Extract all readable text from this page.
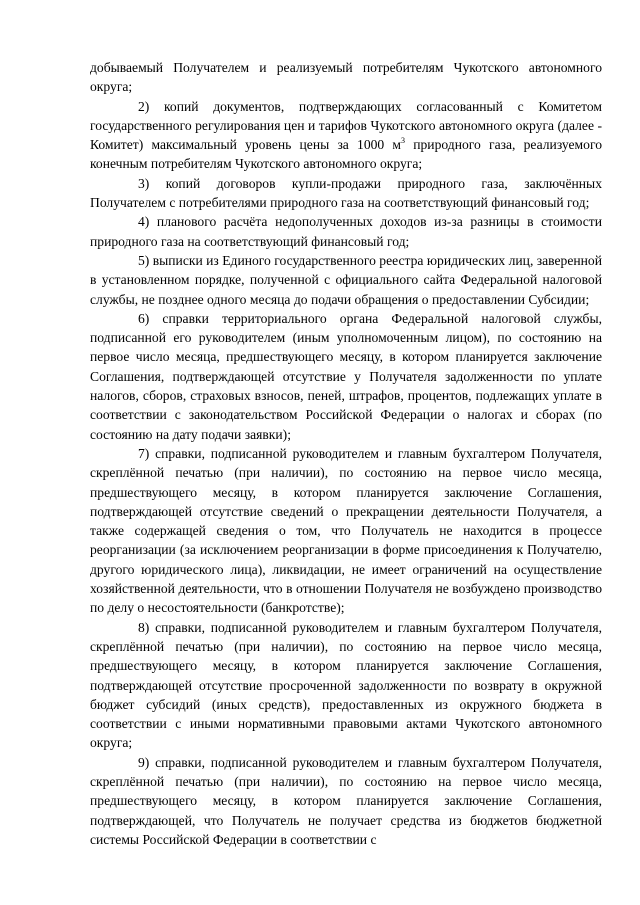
добываемый Получателем и реализуемый потребителям Чукотского автономного округа;

2) копий документов, подтверждающих согласованный с Комитетом государственного регулирования цен и тарифов Чукотского автономного округа (далее - Комитет) максимальный уровень цены за 1000 $м^3$ природного газа, реализуемого конечным потребителям Чукотского автономного округа;

3) копий договоров купли-продажи природного газа, заключённых Получателем с потребителями природного газа на соответствующий финансовый год;

4) планового расчёта недополученных доходов из-за разницы в стоимости природного газа на соответствующий финансовый год;

5) выписки из Единого государственного реестра юридических лиц, заверенной в установленном порядке, полученной с официального сайта Федеральной налоговой службы, не позднее одного месяца до подачи обращения о предоставлении Субсидии;

6) справки территориального органа Федеральной налоговой службы, подписанной его руководителем (иным уполномоченным лицом), по состоянию на первое число месяца, предшествующего месяцу, в котором планируется заключение Соглашения, подтверждающей отсутствие у Получателя задолженности по уплате налогов, сборов, страховых взносов, пеней, штрафов, процентов, подлежащих уплате в соответствии с законодательством Российской Федерации о налогах и сборах (по состоянию на дату подачи заявки);

7) справки, подписанной руководителем и главным бухгалтером Получателя, скреплённой печатью (при наличии), по состоянию на первое число месяца, предшествующего месяцу, в котором планируется заключение Соглашения, подтверждающей отсутствие сведений о прекращении деятельности Получателя, а также содержащей сведения о том, что Получатель не находится в процессе реорганизации (за исключением реорганизации в форме присоединения к Получателю, другого юридического лица), ликвидации, не имеет ограничений на осуществление хозяйственной деятельности, что в отношении Получателя не возбуждено производство по делу о несостоятельности (банкротстве);

8) справки, подписанной руководителем и главным бухгалтером Получателя, скреплённой печатью (при наличии), по состоянию на первое число месяца, предшествующего месяцу, в котором планируется заключение Соглашения, подтверждающей отсутствие просроченной задолженности по возврату в окружной бюджет субсидий (иных средств), предоставленных из окружного бюджета в соответствии с иными нормативными правовыми актами Чукотского автономного округа;

9) справки, подписанной руководителем и главным бухгалтером Получателя, скреплённой печатью (при наличии), по состоянию на первое число месяца, предшествующего месяцу, в котором планируется заключение Соглашения, подтверждающей, что Получатель не получает средства из бюджетов бюджетной системы Российской Федерации в соответствии с
